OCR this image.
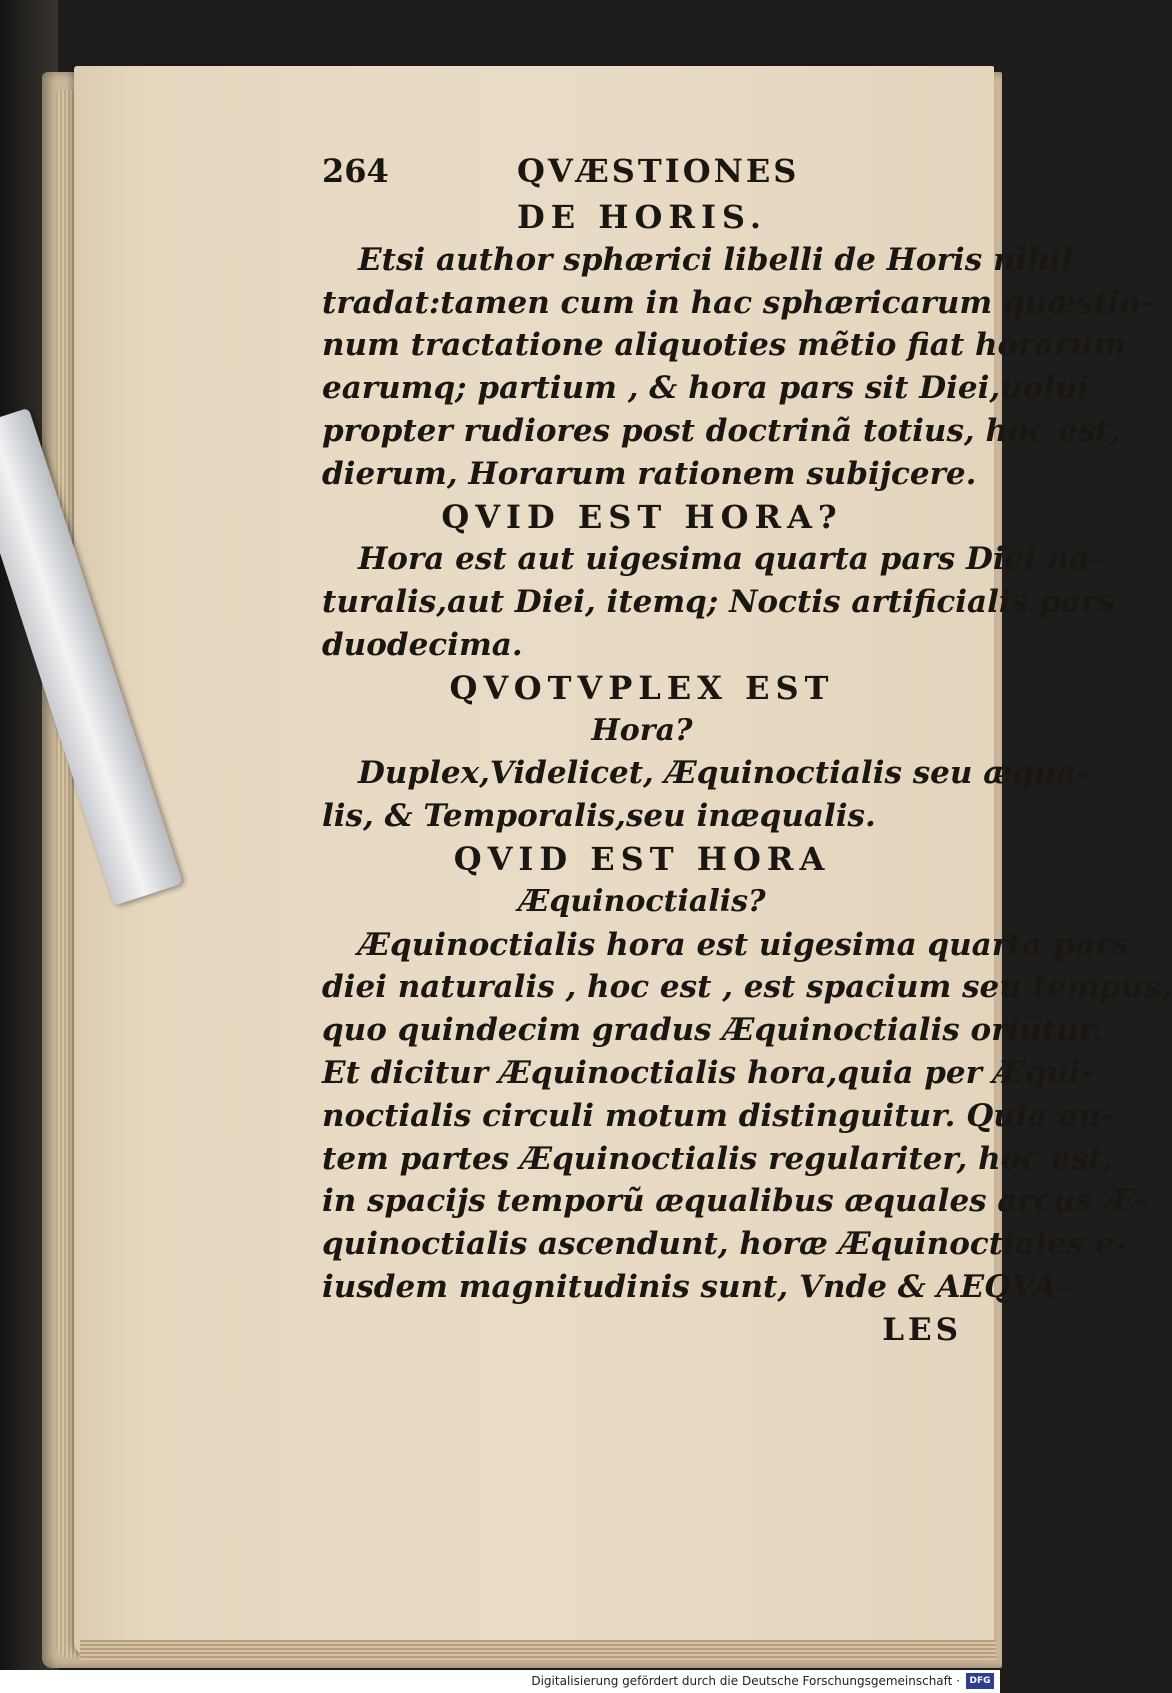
264	QVÆSTIONES
DE HORIS.
Etsi author sphærici libelli de Horis nihil
tradat:tamen cum in hac sphæricarum quæstio-
num tractatione aliquoties mẽtio fiat horarum
earumq; partium , & hora pars sit Diei,uolui
propter rudiores post doctrinã totius, hoc est,
dierum, Horarum rationem subijcere.
QVID EST HORA?
Hora est aut uigesima quarta pars Diei na-
turalis,aut Diei, itemq; Noctis artificialis pars
duodecima.
QVOTVPLEX EST
Hora?
Duplex,Videlicet, Æquinoctialis seu æqua-
lis, & Temporalis,seu inæqualis.
QVID EST HORA
Æquinoctialis?
Æquinoctialis hora est uigesima quarta pars
diei naturalis , hoc est , est spacium seu tempus,
quo quindecim gradus Æquinoctialis oriũtur.
Et dicitur Æquinoctialis hora,quia per Æqui-
noctialis circuli motum distinguitur. Quia au-
tem partes Æquinoctialis regulariter, hoc est,
in spacijs temporũ æqualibus æquales arcus Æ-
quinoctialis ascendunt, horæ Æquinoctiales e-
iusdem magnitudinis sunt, Vnde & AEQVA-
LES
Digitalisierung gefördert durch die Deutsche Forschungsgemeinschaft ·	DFG
